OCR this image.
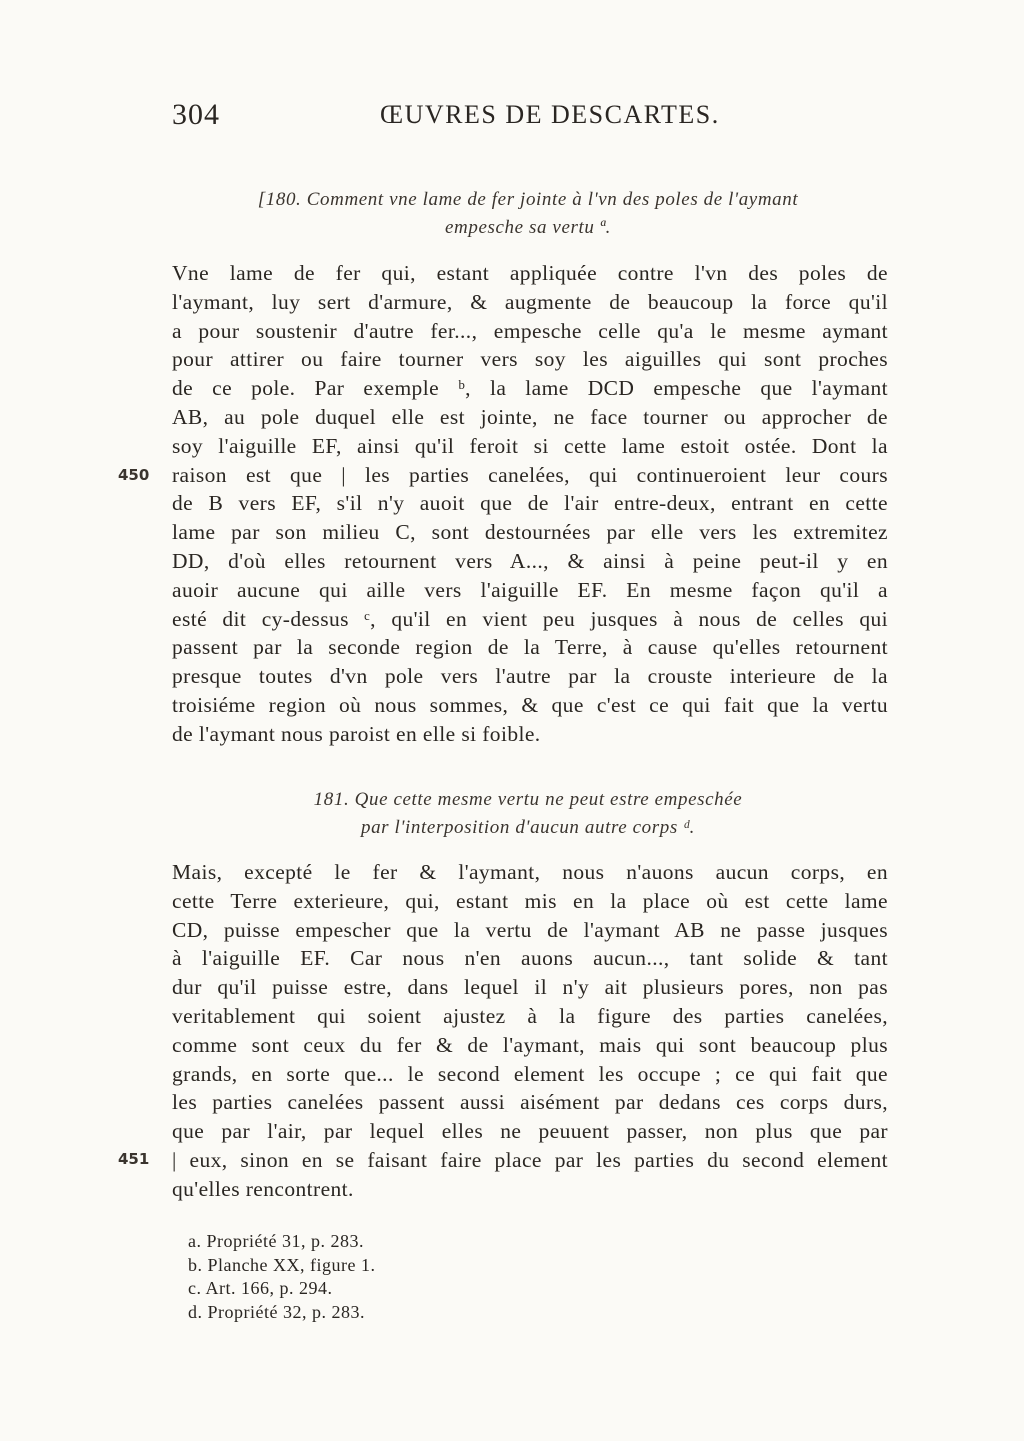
304	ŒUVRES DE DESCARTES.
[180. Comment vne lame de fer jointe à l'vn des poles de l'aymant
empesche sa vertu ª.
Vne lame de fer qui, estant appliquée contre l'vn des poles de
l'aymant, luy sert d'armure, & augmente de beaucoup la force qu'il
a pour soustenir d'autre fer..., empesche celle qu'a le mesme aymant
pour attirer ou faire tourner vers soy les aiguilles qui sont proches
de ce pole. Par exemple ᵇ, la lame DCD empesche que l'aymant
AB, au pole duquel elle est jointe, ne face tourner ou approcher de
soy l'aiguille EF, ainsi qu'il feroit si cette lame estoit ostée. Dont la
raison est que | les parties canelées, qui continueroient leur cours
de B vers EF, s'il n'y auoit que de l'air entre-deux, entrant en cette
lame par son milieu C, sont destournées par elle vers les extremitez
DD, d'où elles retournent vers A..., & ainsi à peine peut-il y en
auoir aucune qui aille vers l'aiguille EF. En mesme façon qu'il a
esté dit cy-dessus ᶜ, qu'il en vient peu jusques à nous de celles qui
passent par la seconde region de la Terre, à cause qu'elles retournent
presque toutes d'vn pole vers l'autre par la crouste interieure de la
troisiéme region où nous sommes, & que c'est ce qui fait que la vertu
de l'aymant nous paroist en elle si foible.
450
181. Que cette mesme vertu ne peut estre empeschée
par l'interposition d'aucun autre corps ᵈ.
Mais, excepté le fer & l'aymant, nous n'auons aucun corps, en
cette Terre exterieure, qui, estant mis en la place où est cette lame
CD, puisse empescher que la vertu de l'aymant AB ne passe jusques
à l'aiguille EF. Car nous n'en auons aucun..., tant solide & tant
dur qu'il puisse estre, dans lequel il n'y ait plusieurs pores, non pas
veritablement qui soient ajustez à la figure des parties canelées,
comme sont ceux du fer & de l'aymant, mais qui sont beaucoup plus
grands, en sorte que... le second element les occupe ; ce qui fait que
les parties canelées passent aussi aisément par dedans ces corps durs,
que par l'air, par lequel elles ne peuuent passer, non plus que par
| eux, sinon en se faisant faire place par les parties du second element
qu'elles rencontrent.
451
a. Propriété 31, p. 283.
b. Planche XX, figure 1.
c. Art. 166, p. 294.
d. Propriété 32, p. 283.
